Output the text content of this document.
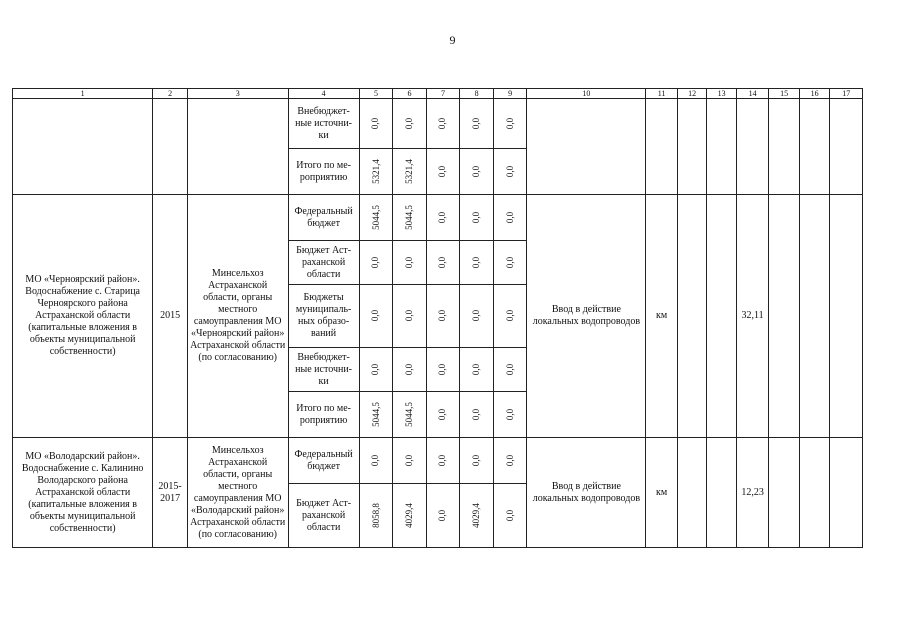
9
1	2	3	4	5	6	7	8	9	10	11	12	13	14	15	16	17
			Внебюджет-ные источни-ки	0,0	0,0	0,0	0,0	0,0								
			Итого по ме-роприятию	5321,4	5321,4	0,0	0,0	0,0								
МО «Черноярский район». Водоснабжение с. Старица Черноярского района Астраханской области (капитальные вложения в объекты муниципальной собственности)	2015	Минсельхоз Астраханской области, органы местного самоуправления МО «Черноярский район» Астраханской области (по согласованию)	Федеральный бюджет	5044,5	5044,5	0,0	0,0	0,0	Ввод в действие локальных водопроводов	км			32,11			
			Бюджет Аст-раханской области	0,0	0,0	0,0	0,0	0,0								
			Бюджеты муниципаль-ных образо-ваний	0,0	0,0	0,0	0,0	0,0								
			Внебюджет-ные источни-ки	0,0	0,0	0,0	0,0	0,0								
			Итого по ме-роприятию	5044,5	5044,5	0,0	0,0	0,0								
МО «Володарский район». Водоснабжение с. Калинино Володарского района Астраханской области (капитальные вложения в объекты муниципальной собственности)	2015-2017	Минсельхоз Астраханской области, органы местного самоуправления МО «Володарский район» Астраханской области (по согласованию)	Федеральный бюджет	0,0	0,0	0,0	0,0	0,0	Ввод в действие локальных водопроводов	км			12,23			
			Бюджет Аст-раханской области	8058,8	4029,4	0,0	4029,4	0,0								
